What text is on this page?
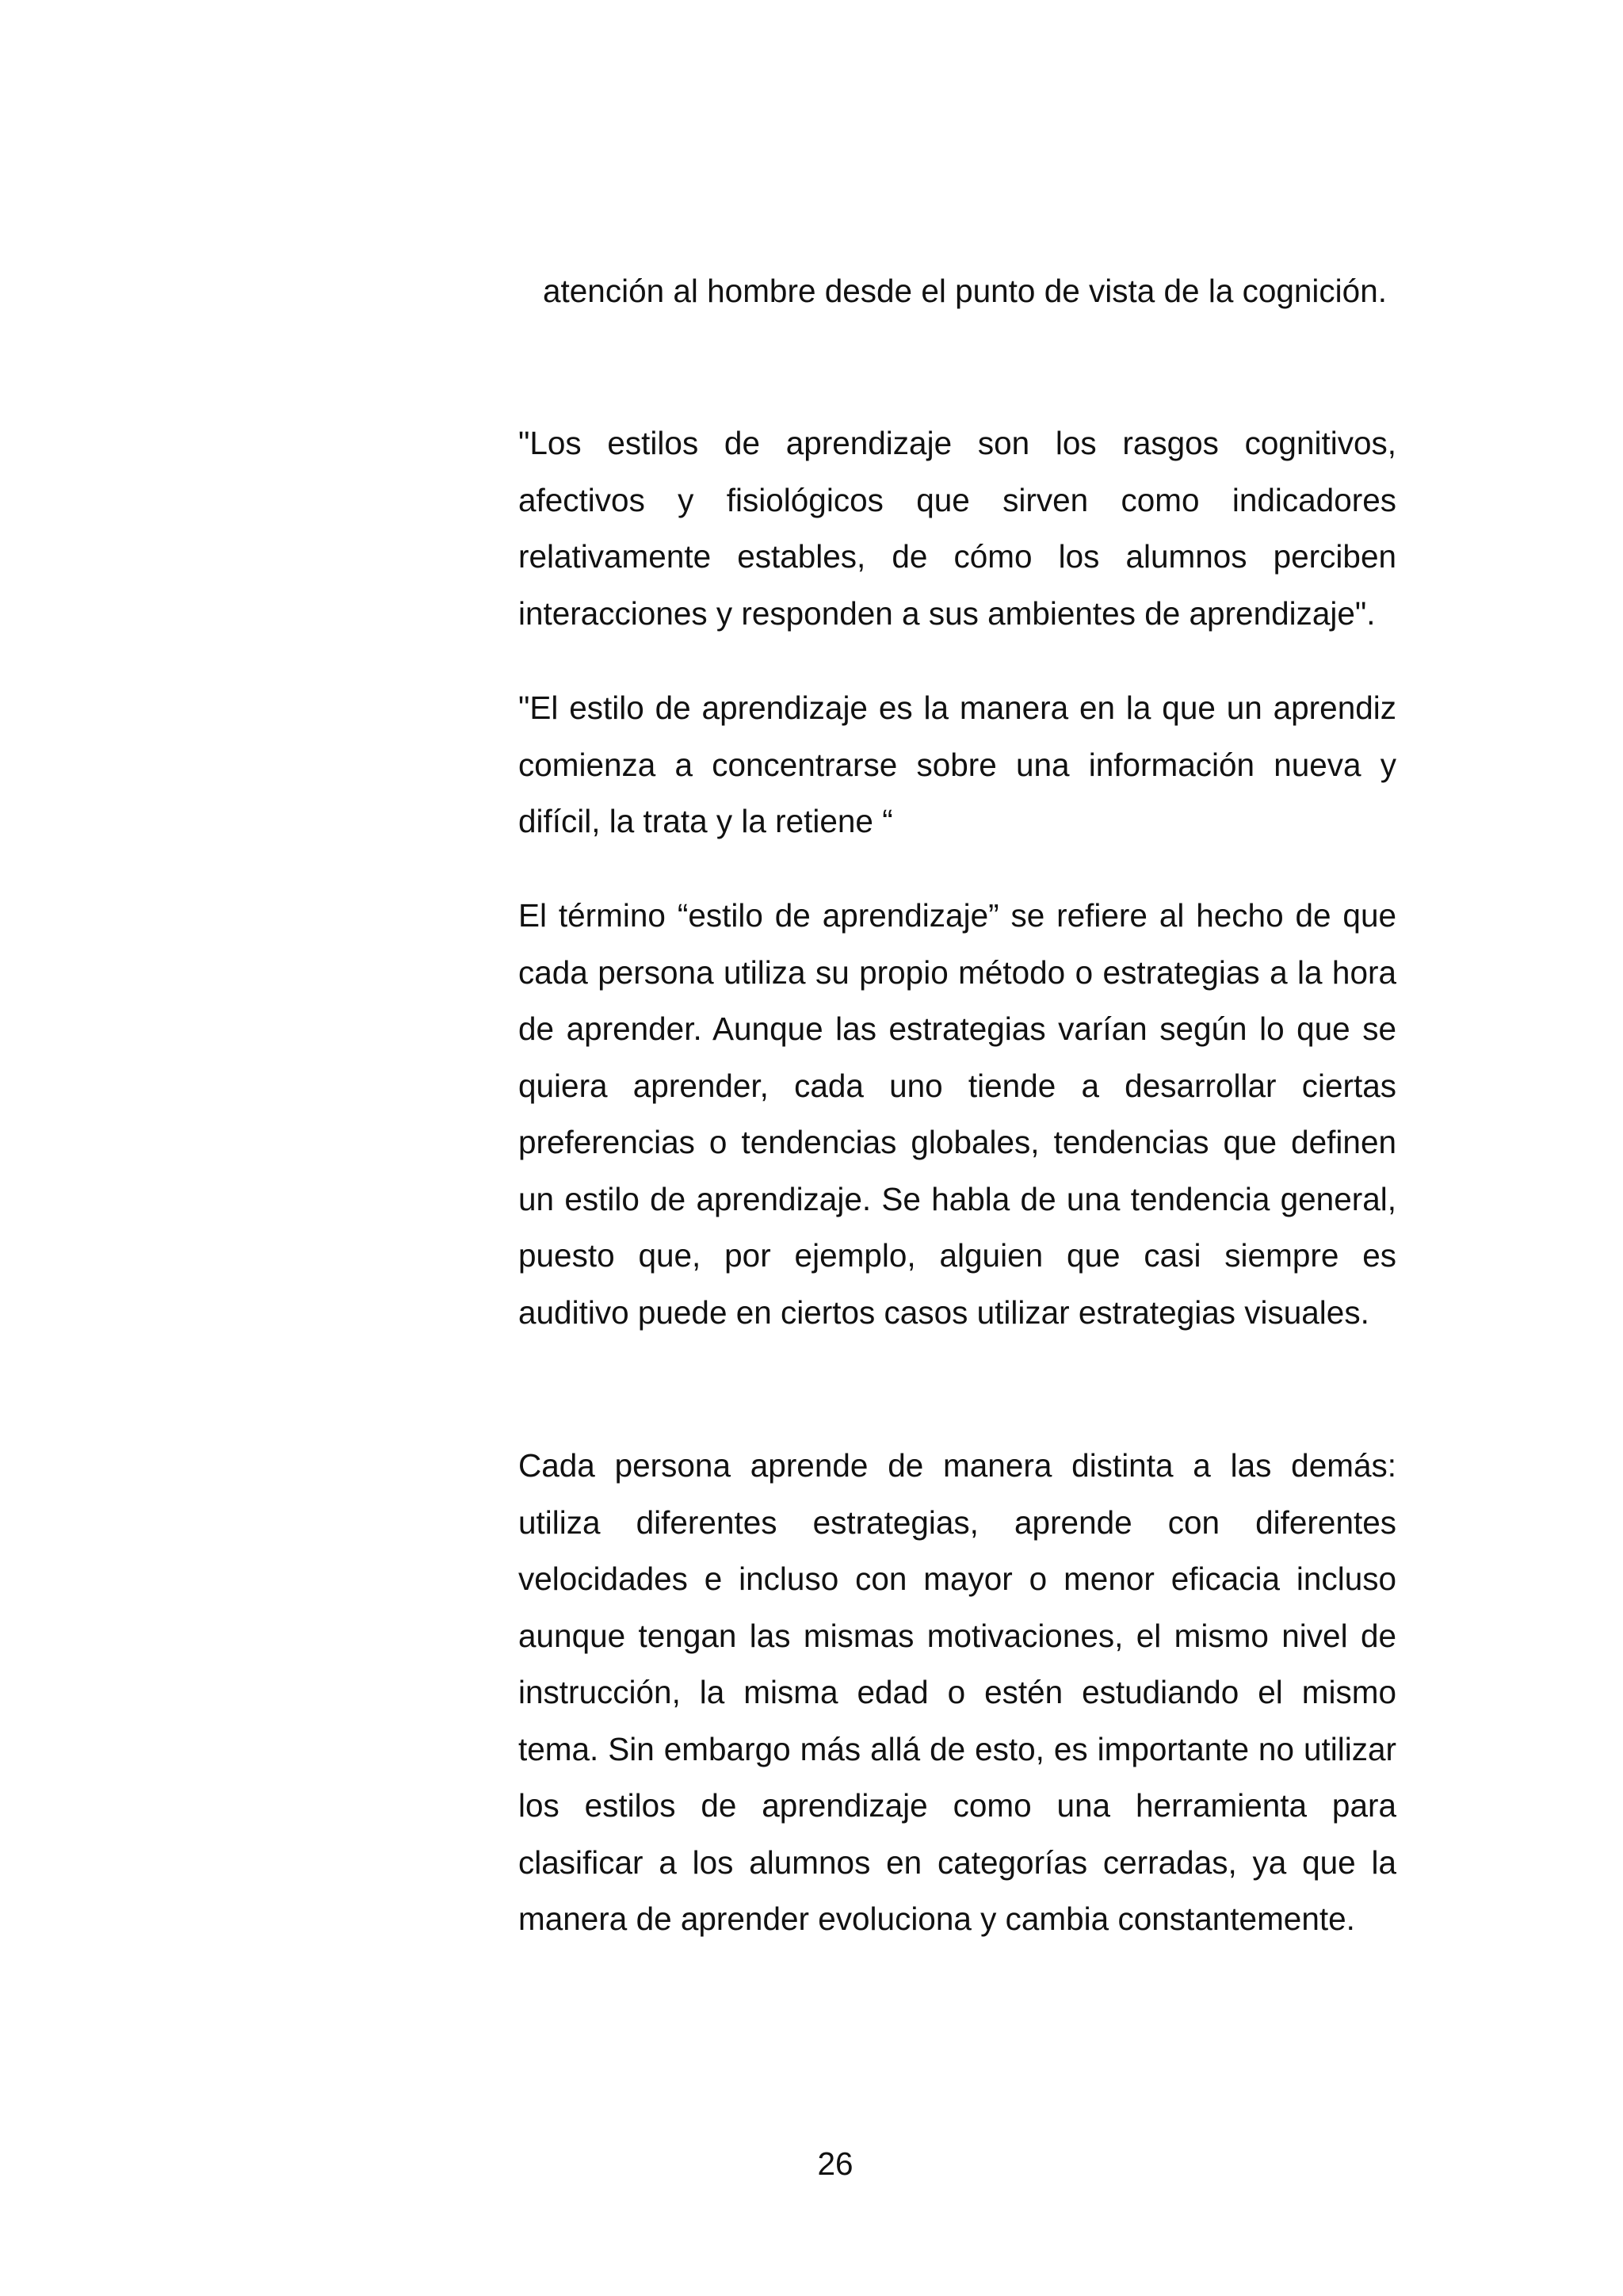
atención al hombre desde el punto de vista de la cognición.

"Los estilos de aprendizaje son los rasgos cognitivos, afectivos y fisiológicos que sirven como indicadores relativamente estables, de cómo los alumnos perciben interacciones y responden a sus ambientes de aprendizaje".

"El estilo de aprendizaje es la manera en la que un aprendiz comienza a concentrarse sobre una información nueva y difícil, la trata y la retiene “

El término “estilo de aprendizaje” se refiere al hecho de que cada persona utiliza su propio método o estrategias a la hora de aprender. Aunque las estrategias varían según lo que se quiera aprender, cada uno tiende a desarrollar ciertas preferencias o tendencias globales, tendencias que definen un estilo de aprendizaje. Se habla de una tendencia general, puesto que, por ejemplo, alguien que casi siempre es auditivo puede en ciertos casos utilizar estrategias visuales.

Cada persona aprende de manera distinta a las demás: utiliza diferentes estrategias, aprende con diferentes velocidades e incluso con mayor o menor eficacia incluso aunque tengan las mismas motivaciones, el mismo nivel de instrucción, la misma edad o estén estudiando el mismo tema. Sin embargo más allá de esto, es importante no utilizar los estilos de aprendizaje como una herramienta para clasificar a los alumnos en categorías cerradas, ya que la manera de aprender evoluciona y cambia constantemente.

26
